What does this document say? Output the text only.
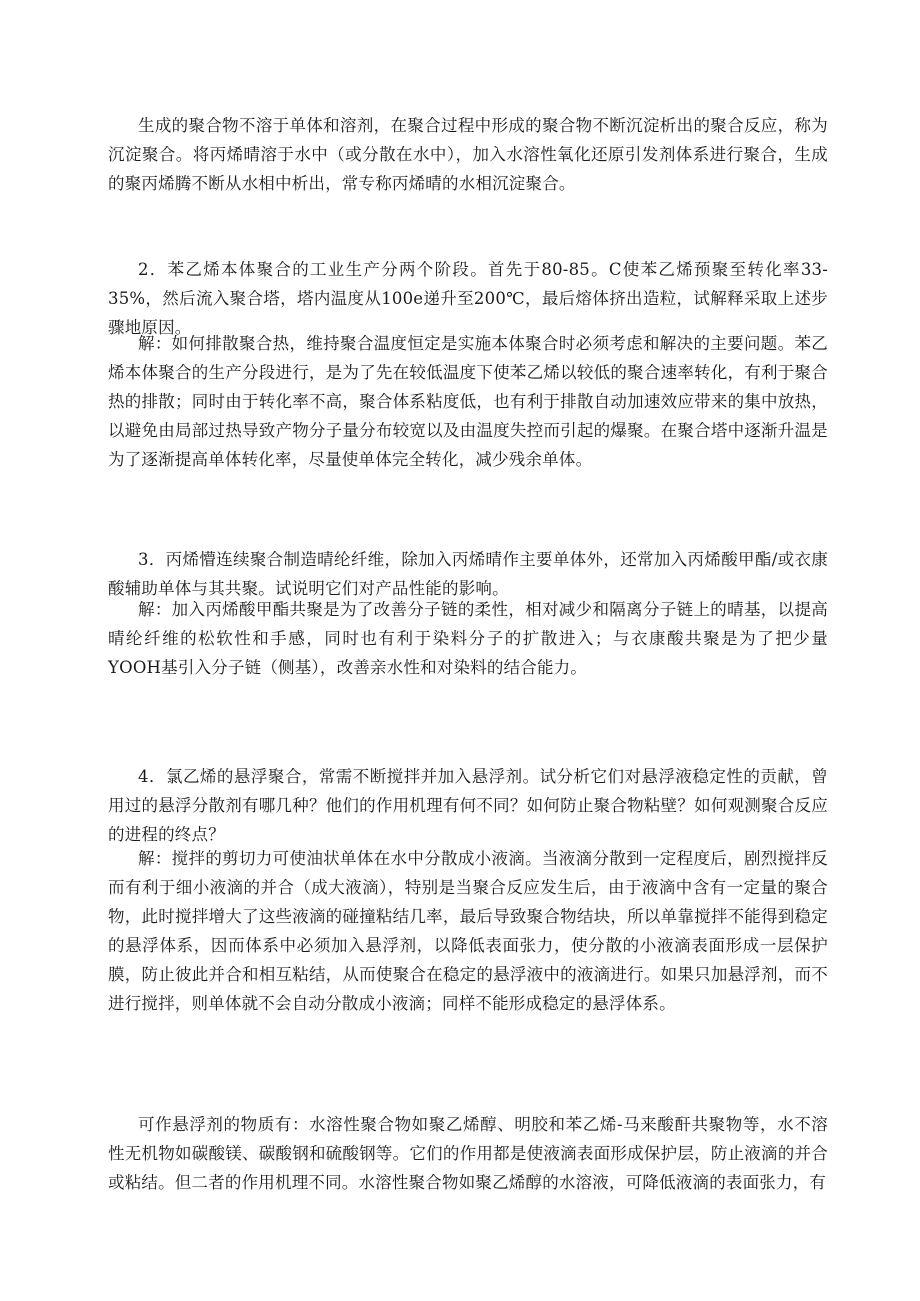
生成的聚合物不溶于单体和溶剂，在聚合过程中形成的聚合物不断沉淀析出的聚合反应，称为沉淀聚合。将丙烯晴溶于水中（或分散在水中），加入水溶性氧化还原引发剂体系进行聚合，生成的聚丙烯腾不断从水相中析出，常专称丙烯晴的水相沉淀聚合。

2．苯乙烯本体聚合的工业生产分两个阶段。首先于80-85。C使苯乙烯预聚至转化率33-35%，然后流入聚合塔，塔内温度从100e递升至200℃，最后熔体挤出造粒，试解释采取上述步骤地原因。

解：如何排散聚合热，维持聚合温度恒定是实施本体聚合时必须考虑和解决的主要问题。苯乙烯本体聚合的生产分段进行，是为了先在较低温度下使苯乙烯以较低的聚合速率转化，有利于聚合热的排散；同时由于转化率不高，聚合体系粘度低，也有利于排散自动加速效应带来的集中放热，以避免由局部过热导致产物分子量分布较宽以及由温度失控而引起的爆聚。在聚合塔中逐渐升温是为了逐渐提高单体转化率，尽量使单体完全转化，减少残余单体。

3．丙烯懵连续聚合制造晴纶纤维，除加入丙烯晴作主要单体外，还常加入丙烯酸甲酯/或衣康酸辅助单体与其共聚。试说明它们对产品性能的影响。

解：加入丙烯酸甲酯共聚是为了改善分子链的柔性，相对减少和隔离分子链上的晴基，以提高晴纶纤维的松软性和手感，同时也有利于染料分子的扩散进入；与衣康酸共聚是为了把少量YOOH基引入分子链（侧基），改善亲水性和对染料的结合能力。

4．氯乙烯的悬浮聚合，常需不断搅拌并加入悬浮剂。试分析它们对悬浮液稳定性的贡献，曾用过的悬浮分散剂有哪几种？他们的作用机理有何不同？如何防止聚合物粘壁？如何观测聚合反应的进程的终点？

解：搅拌的剪切力可使油状单体在水中分散成小液滴。当液滴分散到一定程度后，剧烈搅拌反而有利于细小液滴的并合（成大液滴），特别是当聚合反应发生后，由于液滴中含有一定量的聚合物，此时搅拌增大了这些液滴的碰撞粘结几率，最后导致聚合物结块，所以单靠搅拌不能得到稳定的悬浮体系，因而体系中必须加入悬浮剂，以降低表面张力，使分散的小液滴表面形成一层保护膜，防止彼此并合和相互粘结，从而使聚合在稳定的悬浮液中的液滴进行。如果只加悬浮剂，而不进行搅拌，则单体就不会自动分散成小液滴；同样不能形成稳定的悬浮体系。

可作悬浮剂的物质有：水溶性聚合物如聚乙烯醇、明胶和苯乙烯-马来酸酐共聚物等，水不溶性无机物如碳酸镁、碳酸钢和硫酸钢等。它们的作用都是使液滴表面形成保护层，防止液滴的并合或粘结。但二者的作用机理不同。水溶性聚合物如聚乙烯醇的水溶液，可降低液滴的表面张力，有
